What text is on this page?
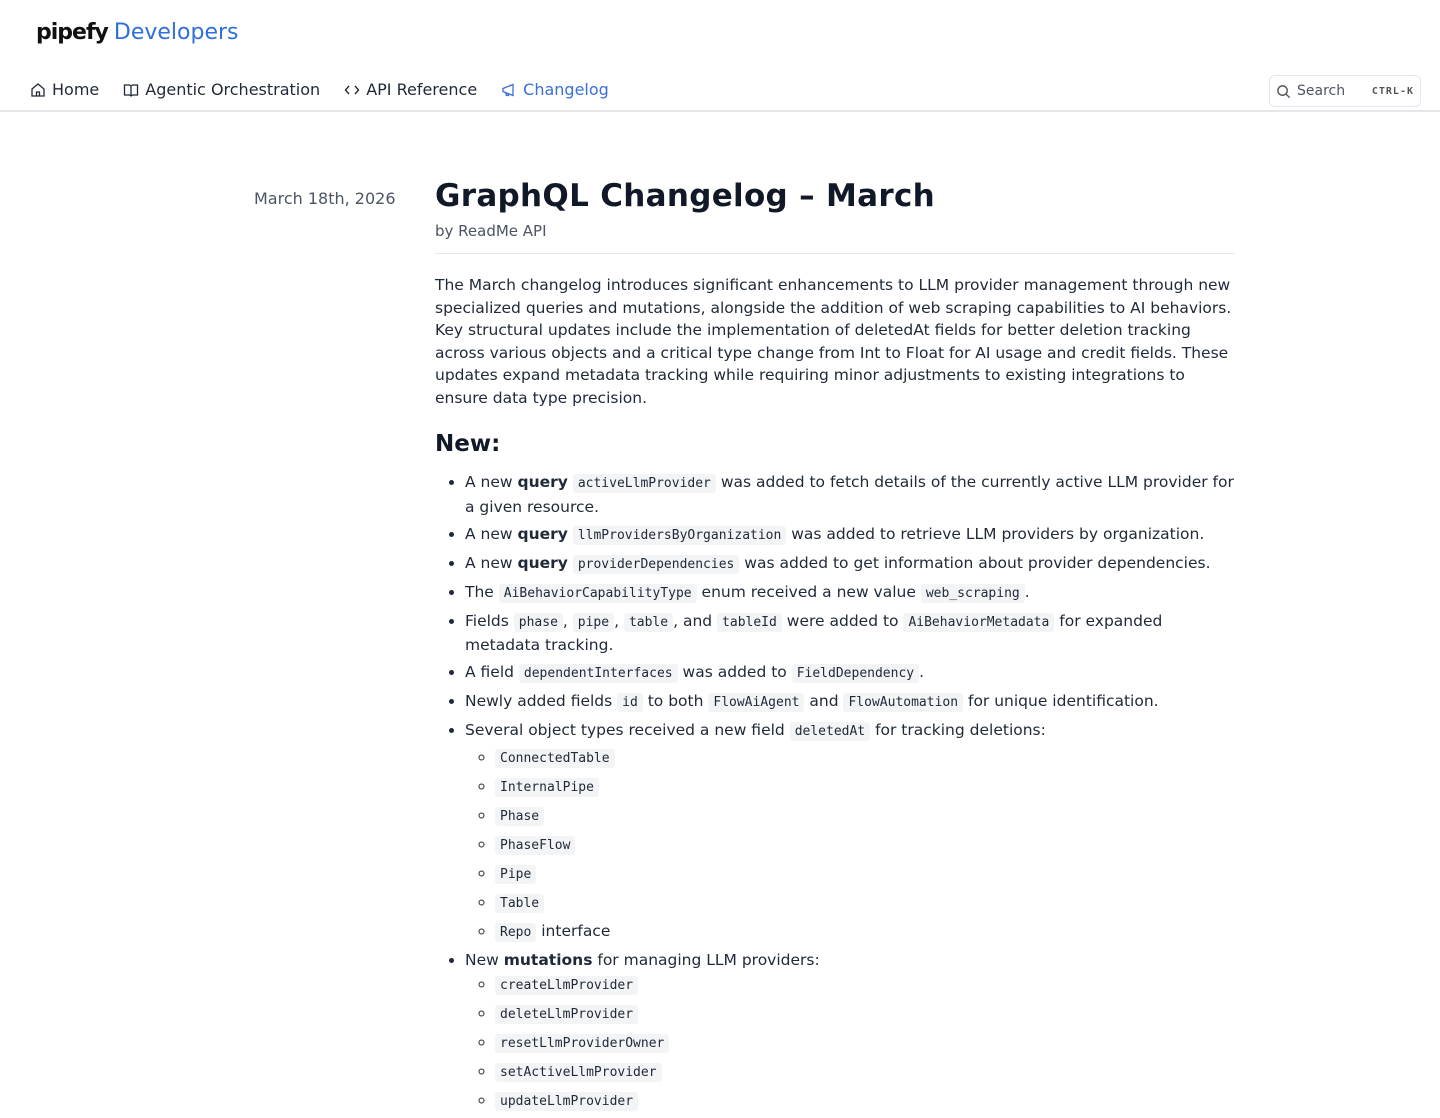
pipefy Developers
Home	Agentic Orchestration	API Reference	Changelog	Search	CTRL-K
March 18th, 2026 GraphQL Changelog – March
by ReadMe API

The March changelog introduces significant enhancements to LLM provider management through new specialized queries and mutations, alongside the addition of web scraping capabilities to AI behaviors. Key structural updates include the implementation of deletedAt fields for better deletion tracking across various objects and a critical type change from Int to Float for AI usage and credit fields. These updates expand metadata tracking while requiring minor adjustments to existing integrations to ensure data type precision.

New:
• A new query activeLlmProvider was added to fetch details of the currently active LLM provider for a given resource.
• A new query llmProvidersByOrganization was added to retrieve LLM providers by organization.
• A new query providerDependencies was added to get information about provider dependencies.
• The AiBehaviorCapabilityType enum received a new value web_scraping .
• Fields phase , pipe , table , and tableId were added to AiBehaviorMetadata for expanded metadata tracking.
• A field dependentInterfaces was added to FieldDependency .
• Newly added fields id to both FlowAiAgent and FlowAutomation for unique identification.
• Several object types received a new field deletedAt for tracking deletions:
◦ ConnectedTable
◦ InternalPipe
◦ Phase
◦ PhaseFlow
◦ Pipe
◦ Table
◦ Repo interface
• New mutations for managing LLM providers:
◦ createLlmProvider
◦ deleteLlmProvider
◦ resetLlmProviderOwner
◦ setActiveLlmProvider
◦ updateLlmProvider
